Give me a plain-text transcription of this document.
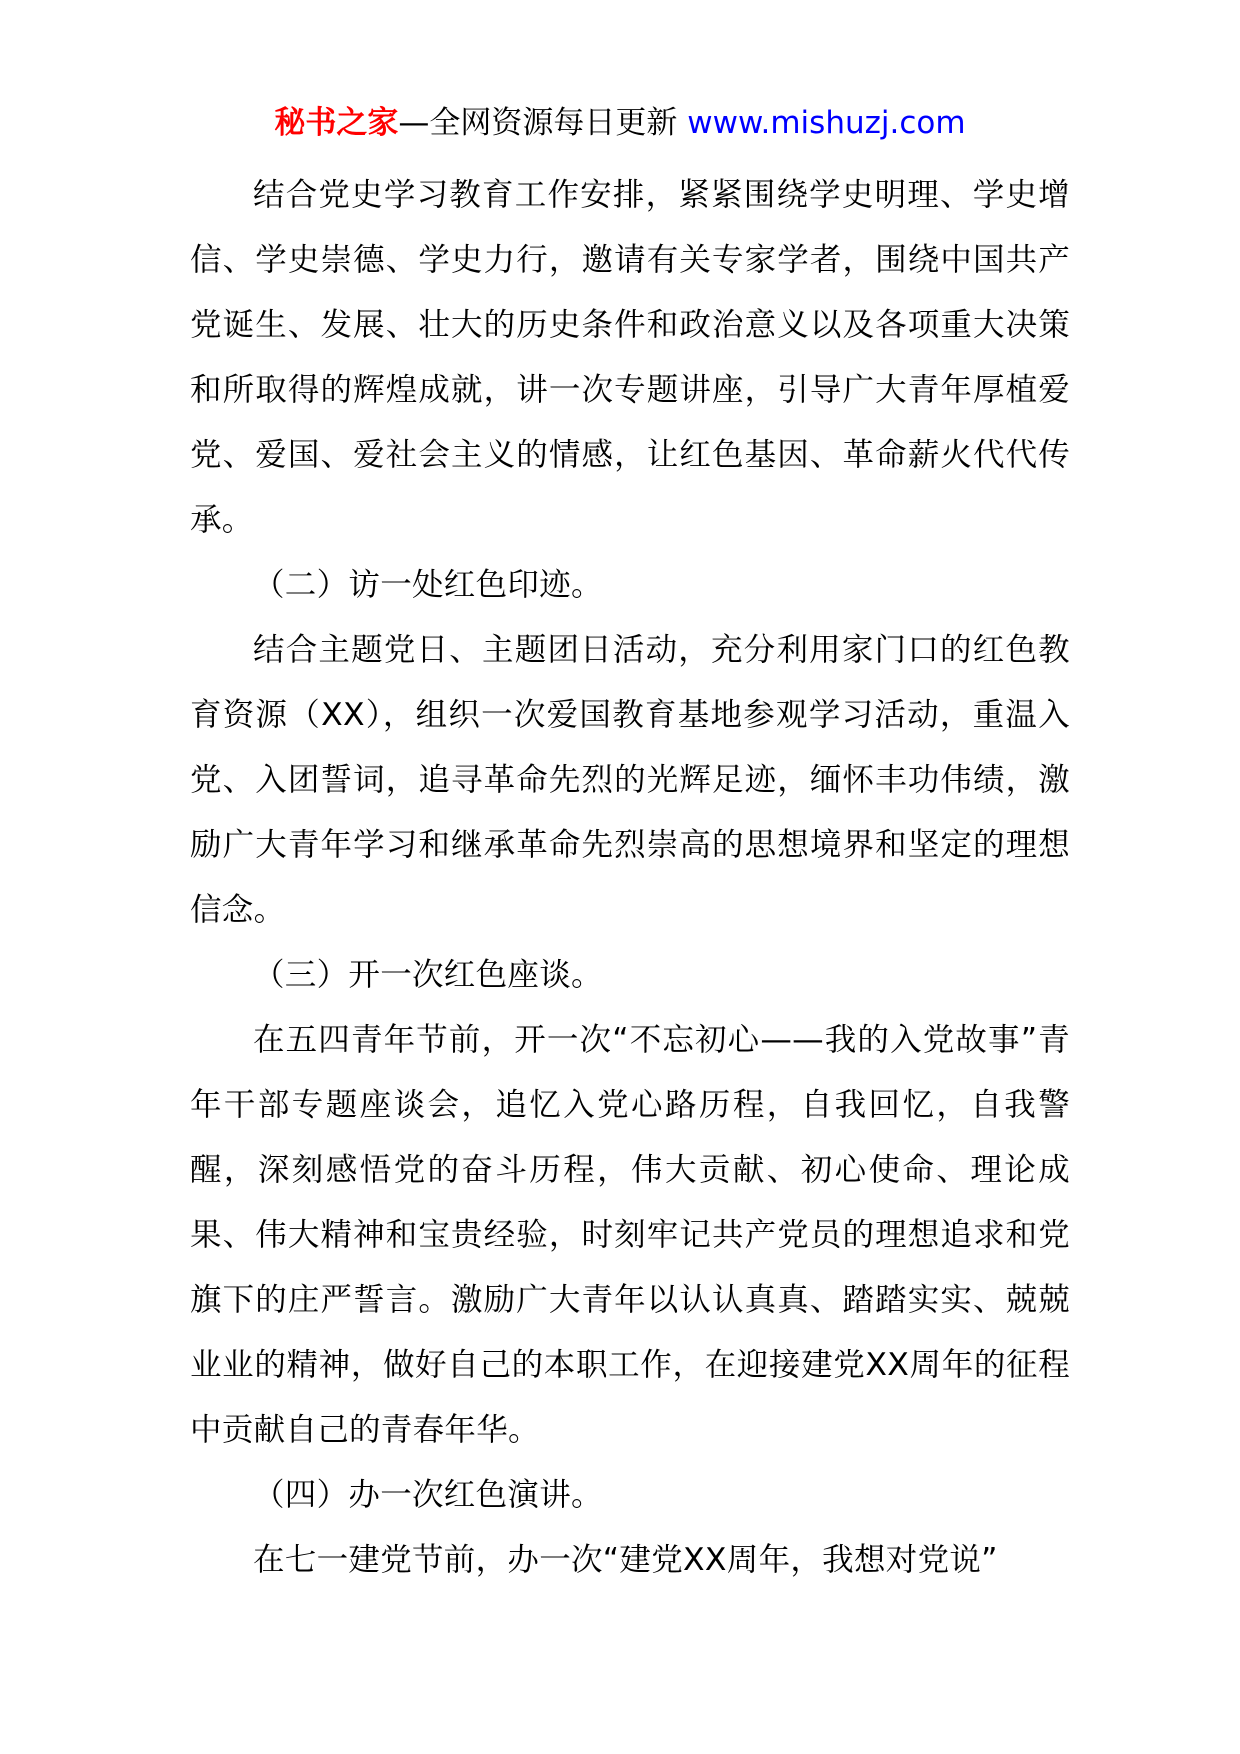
秘书之家—全网资源每日更新 www.mishuzj.com

结合党史学习教育工作安排，紧紧围绕学史明理、学史增信、学史崇德、学史力行，邀请有关专家学者，围绕中国共产党诞生、发展、壮大的历史条件和政治意义以及各项重大决策和所取得的辉煌成就，讲一次专题讲座，引导广大青年厚植爱党、爱国、爱社会主义的情感，让红色基因、革命薪火代代传承。

（二）访一处红色印迹。

结合主题党日、主题团日活动，充分利用家门口的红色教育资源（XX），组织一次爱国教育基地参观学习活动，重温入党、入团誓词，追寻革命先烈的光辉足迹，缅怀丰功伟绩，激励广大青年学习和继承革命先烈崇高的思想境界和坚定的理想信念。

（三）开一次红色座谈。

在五四青年节前，开一次“不忘初心——我的入党故事”青年干部专题座谈会，追忆入党心路历程，自我回忆，自我警醒，深刻感悟党的奋斗历程，伟大贡献、初心使命、理论成果、伟大精神和宝贵经验，时刻牢记共产党员的理想追求和党旗下的庄严誓言。激励广大青年以认认真真、踏踏实实、兢兢业业的精神，做好自己的本职工作，在迎接建党XX周年的征程中贡献自己的青春年华。

（四）办一次红色演讲。

在七一建党节前，办一次“建党XX周年，我想对党说”
